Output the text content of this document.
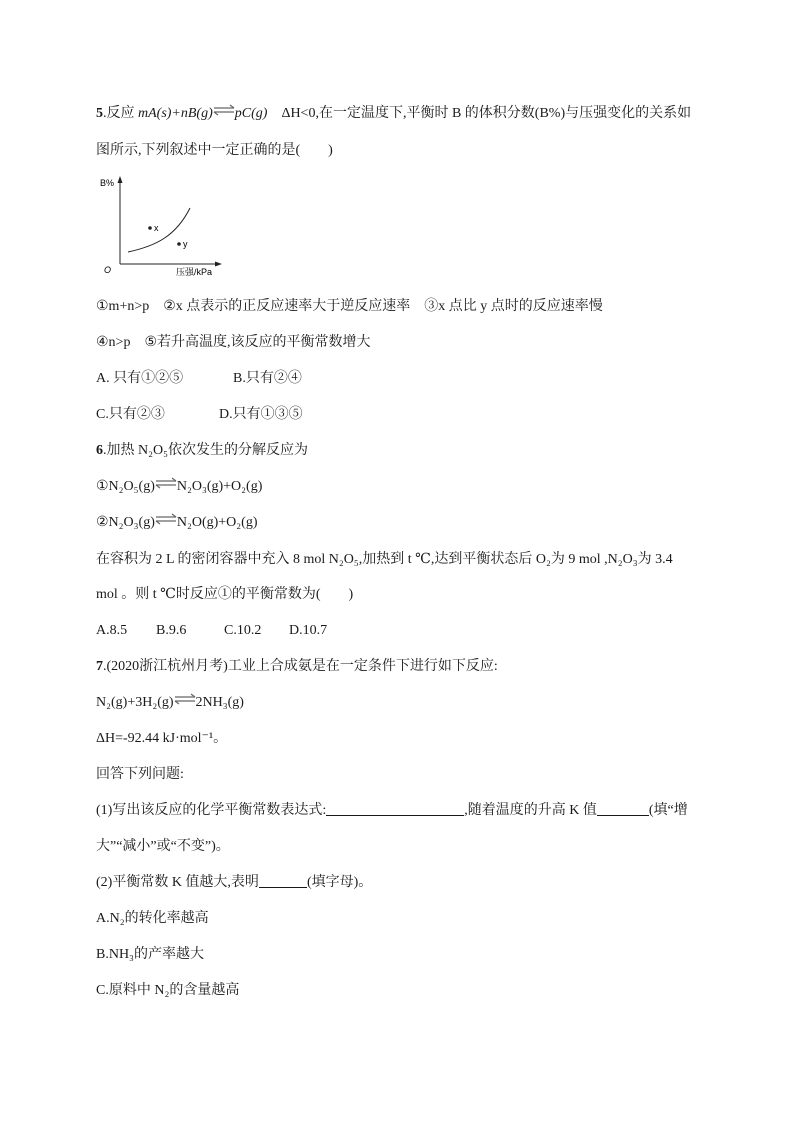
5.反应 mA(s)+nB(g)⇌pC(g)　 ΔH<0,在一定温度下,平衡时 B 的体积分数(B%)与压强变化的关系如
图所示,下列叙述中一定正确的是(　　)
B%
O	压强/kPa
x
y
①m+n>p　②x 点表示的正反应速率大于逆反应速率　③x 点比 y 点时的反应速率慢
④n>p　⑤若升高温度,该反应的平衡常数增大
A. 只有①②⑤	B.只有②④
C.只有②③	D.只有①③⑤
6.加热 N₂O₅依次发生的分解反应为
①N₂O₅(g)⇌N₂O₃(g)+O₂(g)
②N₂O₃(g)⇌N₂O(g)+O₂(g)
在容积为 2 L 的密闭容器中充入 8 mol N₂O₅,加热到 t ℃,达到平衡状态后 O₂为 9 mol ,N₂O₃为 3.4
mol 。则 t ℃时反应①的平衡常数为(　　)
A.8.5 B.9.6	C.10.2 D.10.7
7.(2020浙江杭州月考)工业上合成氨是在一定条件下进行如下反应:
N₂(g)+3H₂(g)⇌2NH₃(g)
ΔH=-92.44 kJ·mol⁻¹。
回答下列问题:
(1)写出该反应的化学平衡常数表达式:	,随着温度的升高 K 值	(填“增
大”“减小”或“不变”)。
(2)平衡常数 K 值越大,表明	(填字母)。
A.N₂的转化率越高
B.NH₃的产率越大
C.原料中 N₂的含量越高
